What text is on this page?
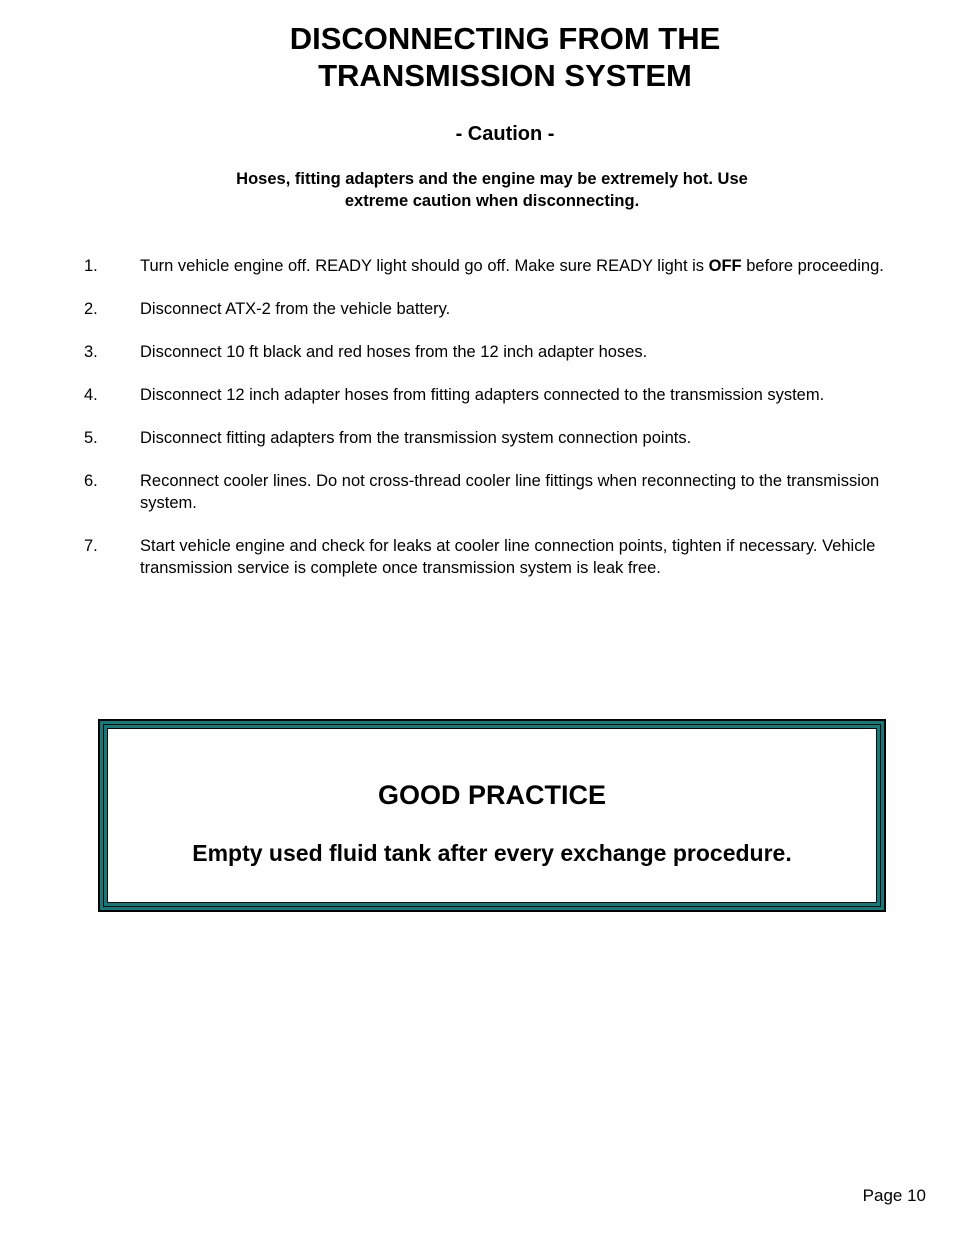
DISCONNECTING FROM THE
TRANSMISSION SYSTEM

- Caution -

Hoses, fitting adapters and the engine may be extremely hot. Use
extreme caution when disconnecting.

1.	Turn vehicle engine off. READY light should go off. Make sure READY light is OFF before proceeding.
2.	Disconnect ATX-2 from the vehicle battery.
3.	Disconnect 10 ft black and red hoses from the 12 inch adapter hoses.
4.	Disconnect 12 inch adapter hoses from fitting adapters connected to the transmission system.
5.	Disconnect fitting adapters from the transmission system connection points.
6.	Reconnect cooler lines. Do not cross-thread cooler line fittings when reconnecting to the transmission system.
7.	Start vehicle engine and check for leaks at cooler line connection points, tighten if necessary. Vehicle transmission service is complete once transmission system is leak free.

GOOD PRACTICE

Empty used fluid tank after every exchange procedure.

Page 10
